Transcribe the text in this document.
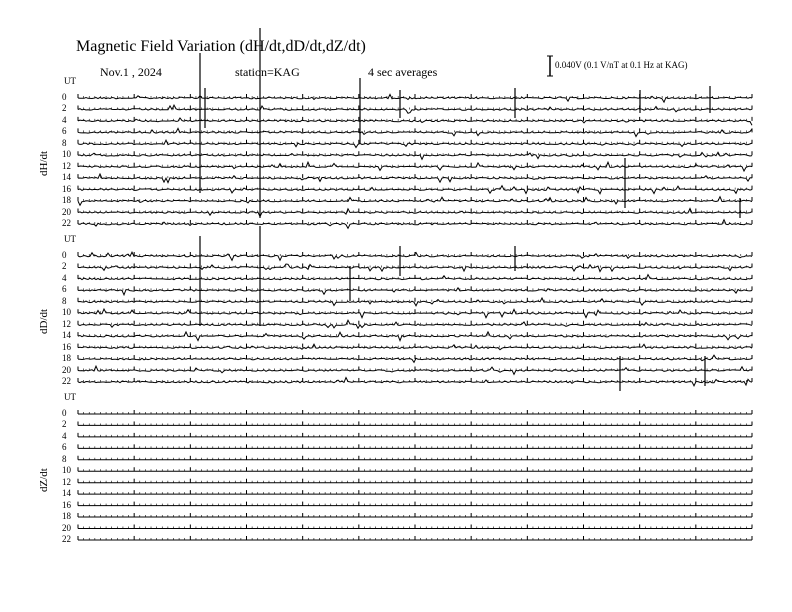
Magnetic Field Variation (dH/dt,dD/dt,dZ/dt)
Nov.1 , 2024	station=KAG	4 sec averages	0.040V (0.1 V/nT at 0.1 Hz at KAG)
UT
dH/dt
0
2
4
6
8
10
12
14
16
18
20
22
UT
dD/dt
0
2
4
6
8
10
12
14
16
18
20
22
UT
dZ/dt
0
2
4
6
8
10
12
14
16
18
20
22
